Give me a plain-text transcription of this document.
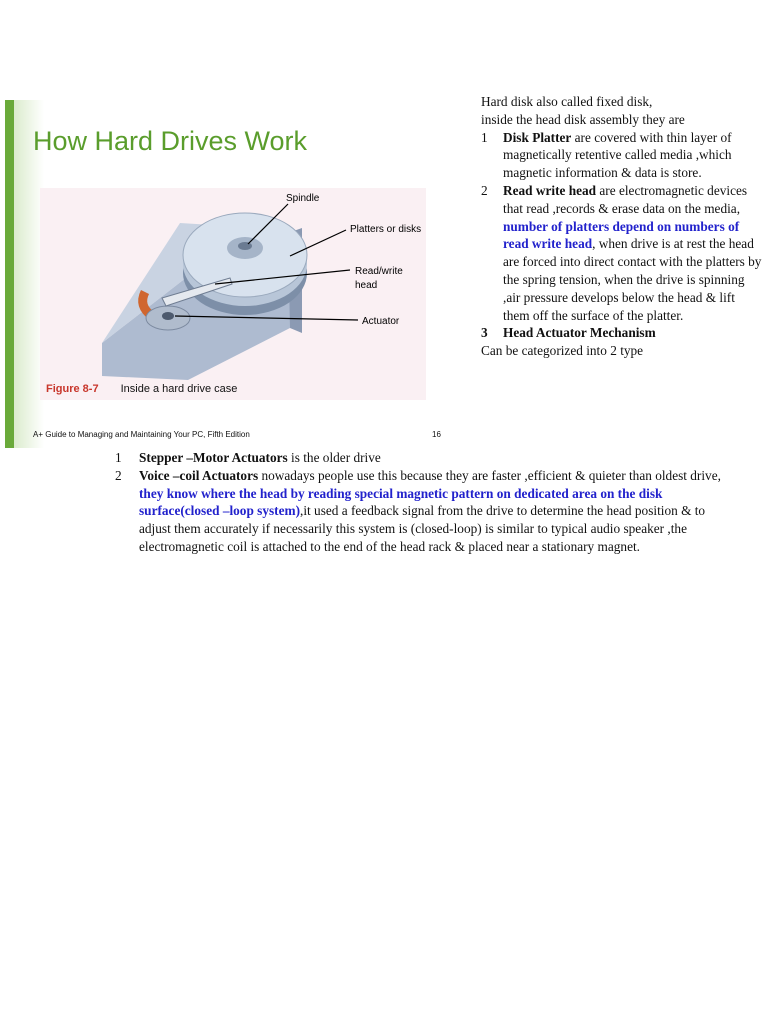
How Hard Drives Work
Spindle
Platters or disks
Read/write
head
Actuator
Figure 8-7 Inside a hard drive case
A+ Guide to Managing and Maintaining Your PC, Fifth Edition	16

Hard disk also called fixed disk,

inside the head disk assembly they are

1 Disk Platter are covered with thin layer of magnetically retentive called media ,which magnetic information & data is store.

2 Read write head are electromagnetic devices that read ,records & erase data on the media, number of platters depend on numbers of read write head, when drive is at rest the head are forced into direct contact with the platters by the spring tension, when the drive is spinning ,air pressure develops below the head & lift them off the surface of the platter.

3 Head Actuator Mechanism

Can be categorized into 2 type

1 Stepper –Motor Actuators is the older drive

2 Voice –coil Actuators nowadays people use this because they are faster ,efficient & quieter than oldest drive, they know where the head by reading special magnetic pattern on dedicated area on the disk surface(closed –loop system),it used a feedback signal from the drive to determine the head position & to adjust them accurately if necessarily this system is (closed-loop) is similar to typical audio speaker ,the electromagnetic coil is attached to the end of the head rack & placed near a stationary magnet.
